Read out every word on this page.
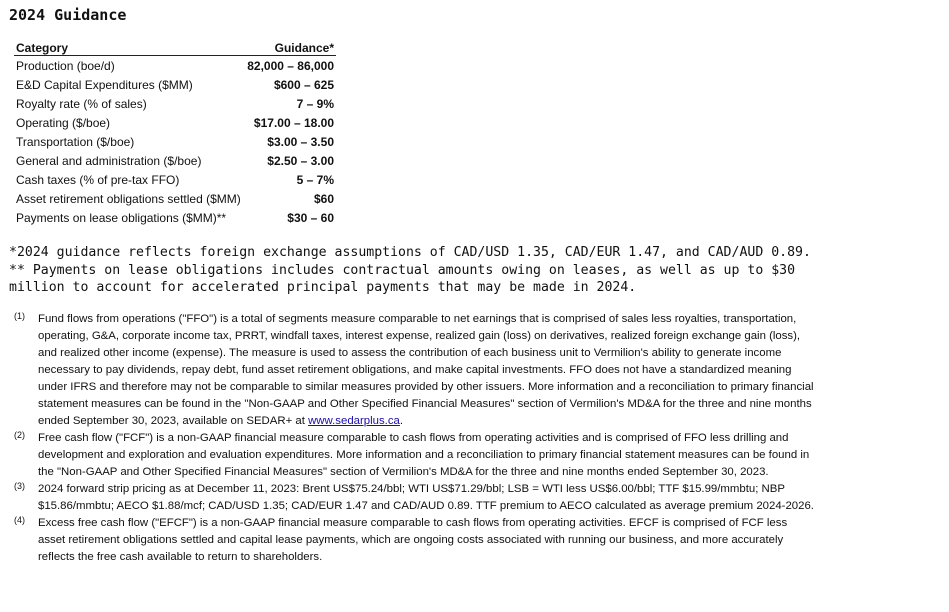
2024 Guidance
Category	Guidance*
Production (boe/d)	82,000 – 86,000
E&D Capital Expenditures ($MM)	$600 – 625
Royalty rate (% of sales)	7 – 9%
Operating ($/boe)	$17.00 – 18.00
Transportation ($/boe)	$3.00 – 3.50
General and administration ($/boe)	$2.50 – 3.00
Cash taxes (% of pre-tax FFO)	5 – 7%
Asset retirement obligations settled ($MM)	$60
Payments on lease obligations ($MM)**	$30 – 60

*2024 guidance reflects foreign exchange assumptions of CAD/USD 1.35, CAD/EUR 1.47, and CAD/AUD 0.89.

** Payments on lease obligations includes contractual amounts owing on leases, as well as up to $30 million to account for accelerated principal payments that may be made in 2024.

(1) Fund flows from operations ("FFO") is a total of segments measure comparable to net earnings that is comprised of sales less royalties, transportation, operating, G&A, corporate income tax, PRRT, windfall taxes, interest expense, realized gain (loss) on derivatives, realized foreign exchange gain (loss), and realized other income (expense). The measure is used to assess the contribution of each business unit to Vermilion's ability to generate income necessary to pay dividends, repay debt, fund asset retirement obligations, and make capital investments. FFO does not have a standardized meaning under IFRS and therefore may not be comparable to similar measures provided by other issuers. More information and a reconciliation to primary financial statement measures can be found in the "Non-GAAP and Other Specified Financial Measures" section of Vermilion's MD&A for the three and nine months ended September 30, 2023, available on SEDAR+ at www.sedarplus.ca.
(2) Free cash flow ("FCF") is a non-GAAP financial measure comparable to cash flows from operating activities and is comprised of FFO less drilling and development and exploration and evaluation expenditures. More information and a reconciliation to primary financial statement measures can be found in the "Non-GAAP and Other Specified Financial Measures" section of Vermilion's MD&A for the three and nine months ended September 30, 2023.
(3) 2024 forward strip pricing as at December 11, 2023: Brent US$75.24/bbl; WTI US$71.29/bbl; LSB = WTI less US$6.00/bbl; TTF $15.99/mmbtu; NBP $15.86/mmbtu; AECO $1.88/mcf; CAD/USD 1.35; CAD/EUR 1.47 and CAD/AUD 0.89. TTF premium to AECO calculated as average premium 2024-2026.
(4) Excess free cash flow ("EFCF") is a non-GAAP financial measure comparable to cash flows from operating activities. EFCF is comprised of FCF less asset retirement obligations settled and capital lease payments, which are ongoing costs associated with running our business, and more accurately reflects the free cash available to return to shareholders.
